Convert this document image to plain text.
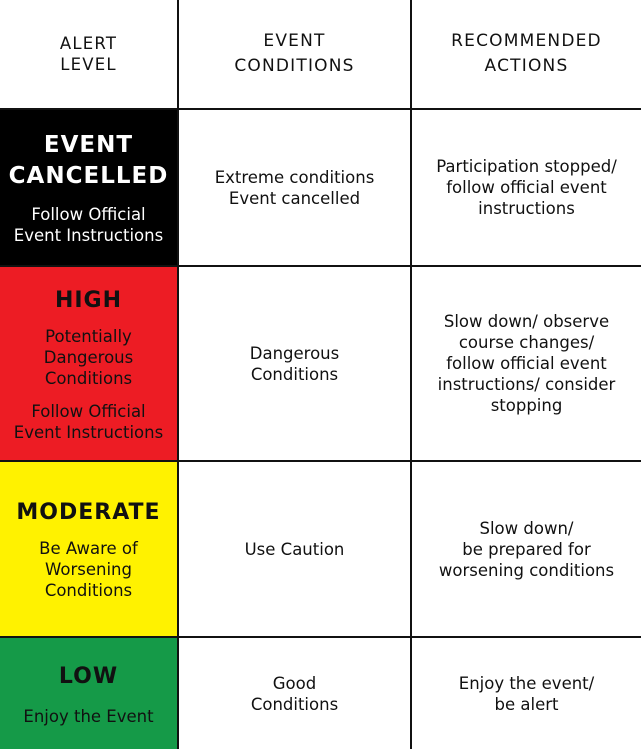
ALERT
LEVEL
EVENT
CONDITIONS
RECOMMENDED
ACTIONS
EVENT
CANCELLED
Follow Official
Event Instructions
Extreme conditions
Event cancelled
Participation stopped/
follow official event
instructions
HIGH
Potentially
Dangerous
Conditions
Follow Official
Event Instructions
Dangerous
Conditions
Slow down/ observe
course changes/
follow official event
instructions/ consider
stopping
MODERATE
Be Aware of
Worsening
Conditions
Use Caution
Slow down/
be prepared for
worsening conditions
LOW
Enjoy the Event
Good
Conditions
Enjoy the event/
be alert
